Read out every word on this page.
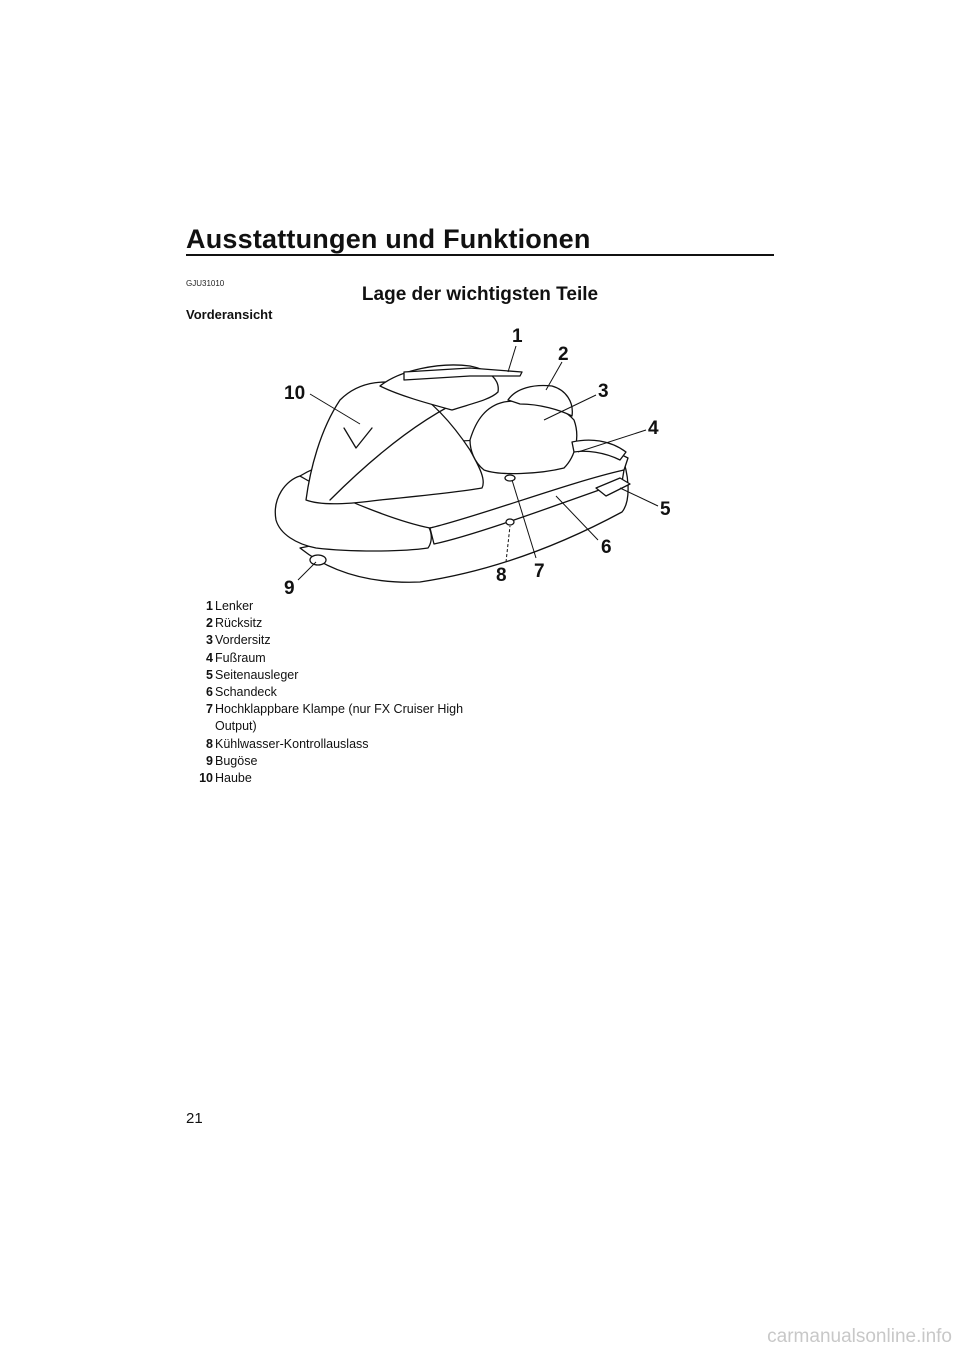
Ausstattungen und Funktionen
GJU31010
Lage der wichtigsten Teile
Vorderansicht
1
2
3
4
5
6
7
8
9
10
1 Lenker
2 Rücksitz
3 Vordersitz
4 Fußraum
5 Seitenausleger
6 Schandeck
7 Hochklappbare Klampe (nur FX Cruiser High Output)
8 Kühlwasser-Kontrollauslass
9 Bugöse
10 Haube
21
carmanualsonline.info
